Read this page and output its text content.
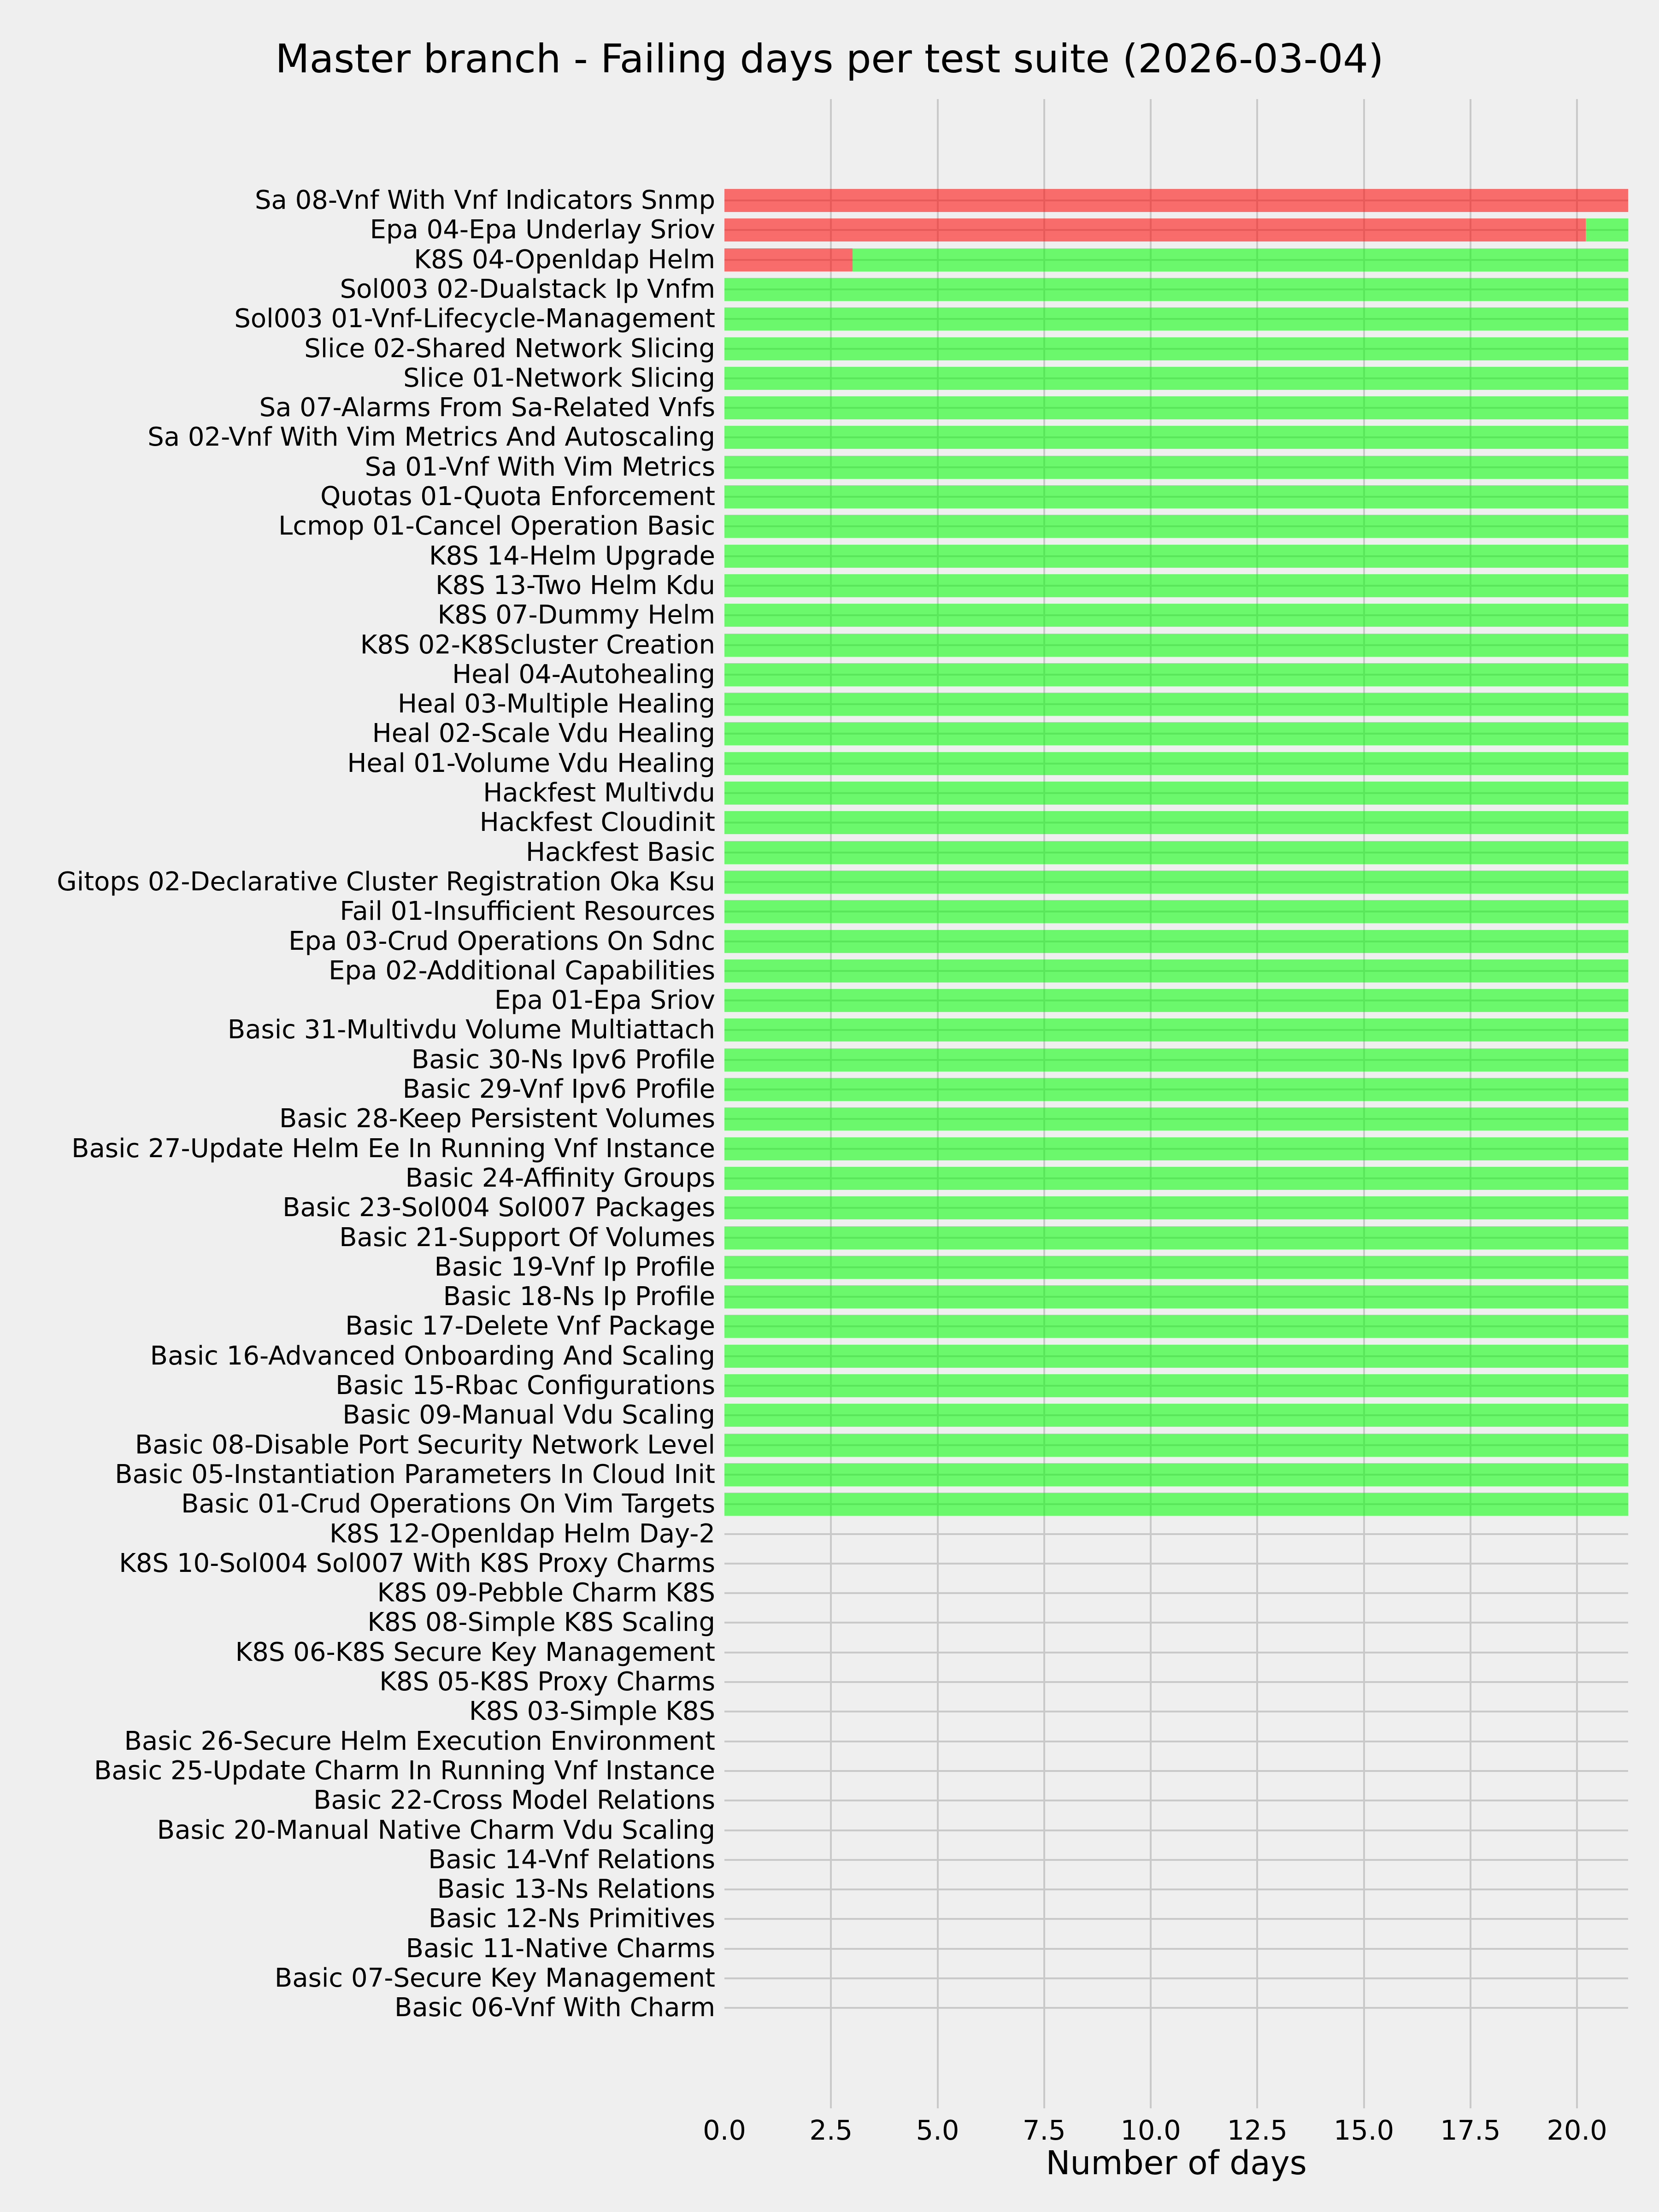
Master branch - Failing days per test suite (2026-03-04)
Sa 08-Vnf With Vnf Indicators Snmp
Epa 04-Epa Underlay Sriov
K8S 04-Openldap Helm
Sol003 02-Dualstack Ip Vnfm
Sol003 01-Vnf-Lifecycle-Management
Slice 02-Shared Network Slicing
Slice 01-Network Slicing
Sa 07-Alarms From Sa-Related Vnfs
Sa 02-Vnf With Vim Metrics And Autoscaling
Sa 01-Vnf With Vim Metrics
Quotas 01-Quota Enforcement
Lcmop 01-Cancel Operation Basic
K8S 14-Helm Upgrade
K8S 13-Two Helm Kdu
K8S 07-Dummy Helm
K8S 02-K8Scluster Creation
Heal 04-Autohealing
Heal 03-Multiple Healing
Heal 02-Scale Vdu Healing
Heal 01-Volume Vdu Healing
Hackfest Multivdu
Hackfest Cloudinit
Hackfest Basic
Gitops 02-Declarative Cluster Registration Oka Ksu
Fail 01-Insufficient Resources
Epa 03-Crud Operations On Sdnc
Epa 02-Additional Capabilities
Epa 01-Epa Sriov
Basic 31-Multivdu Volume Multiattach
Basic 30-Ns Ipv6 Profile
Basic 29-Vnf Ipv6 Profile
Basic 28-Keep Persistent Volumes
Basic 27-Update Helm Ee In Running Vnf Instance
Basic 24-Affinity Groups
Basic 23-Sol004 Sol007 Packages
Basic 21-Support Of Volumes
Basic 19-Vnf Ip Profile
Basic 18-Ns Ip Profile
Basic 17-Delete Vnf Package
Basic 16-Advanced Onboarding And Scaling
Basic 15-Rbac Configurations
Basic 09-Manual Vdu Scaling
Basic 08-Disable Port Security Network Level
Basic 05-Instantiation Parameters In Cloud Init
Basic 01-Crud Operations On Vim Targets
K8S 12-Openldap Helm Day-2
K8S 10-Sol004 Sol007 With K8S Proxy Charms
K8S 09-Pebble Charm K8S
K8S 08-Simple K8S Scaling
K8S 06-K8S Secure Key Management
K8S 05-K8S Proxy Charms
K8S 03-Simple K8S
Basic 26-Secure Helm Execution Environment
Basic 25-Update Charm In Running Vnf Instance
Basic 22-Cross Model Relations
Basic 20-Manual Native Charm Vdu Scaling
Basic 14-Vnf Relations
Basic 13-Ns Relations
Basic 12-Ns Primitives
Basic 11-Native Charms
Basic 07-Secure Key Management
Basic 06-Vnf With Charm
0.0	2.5	5.0	7.5	10.0	12.5	15.0	17.5	20.0
Number of days
